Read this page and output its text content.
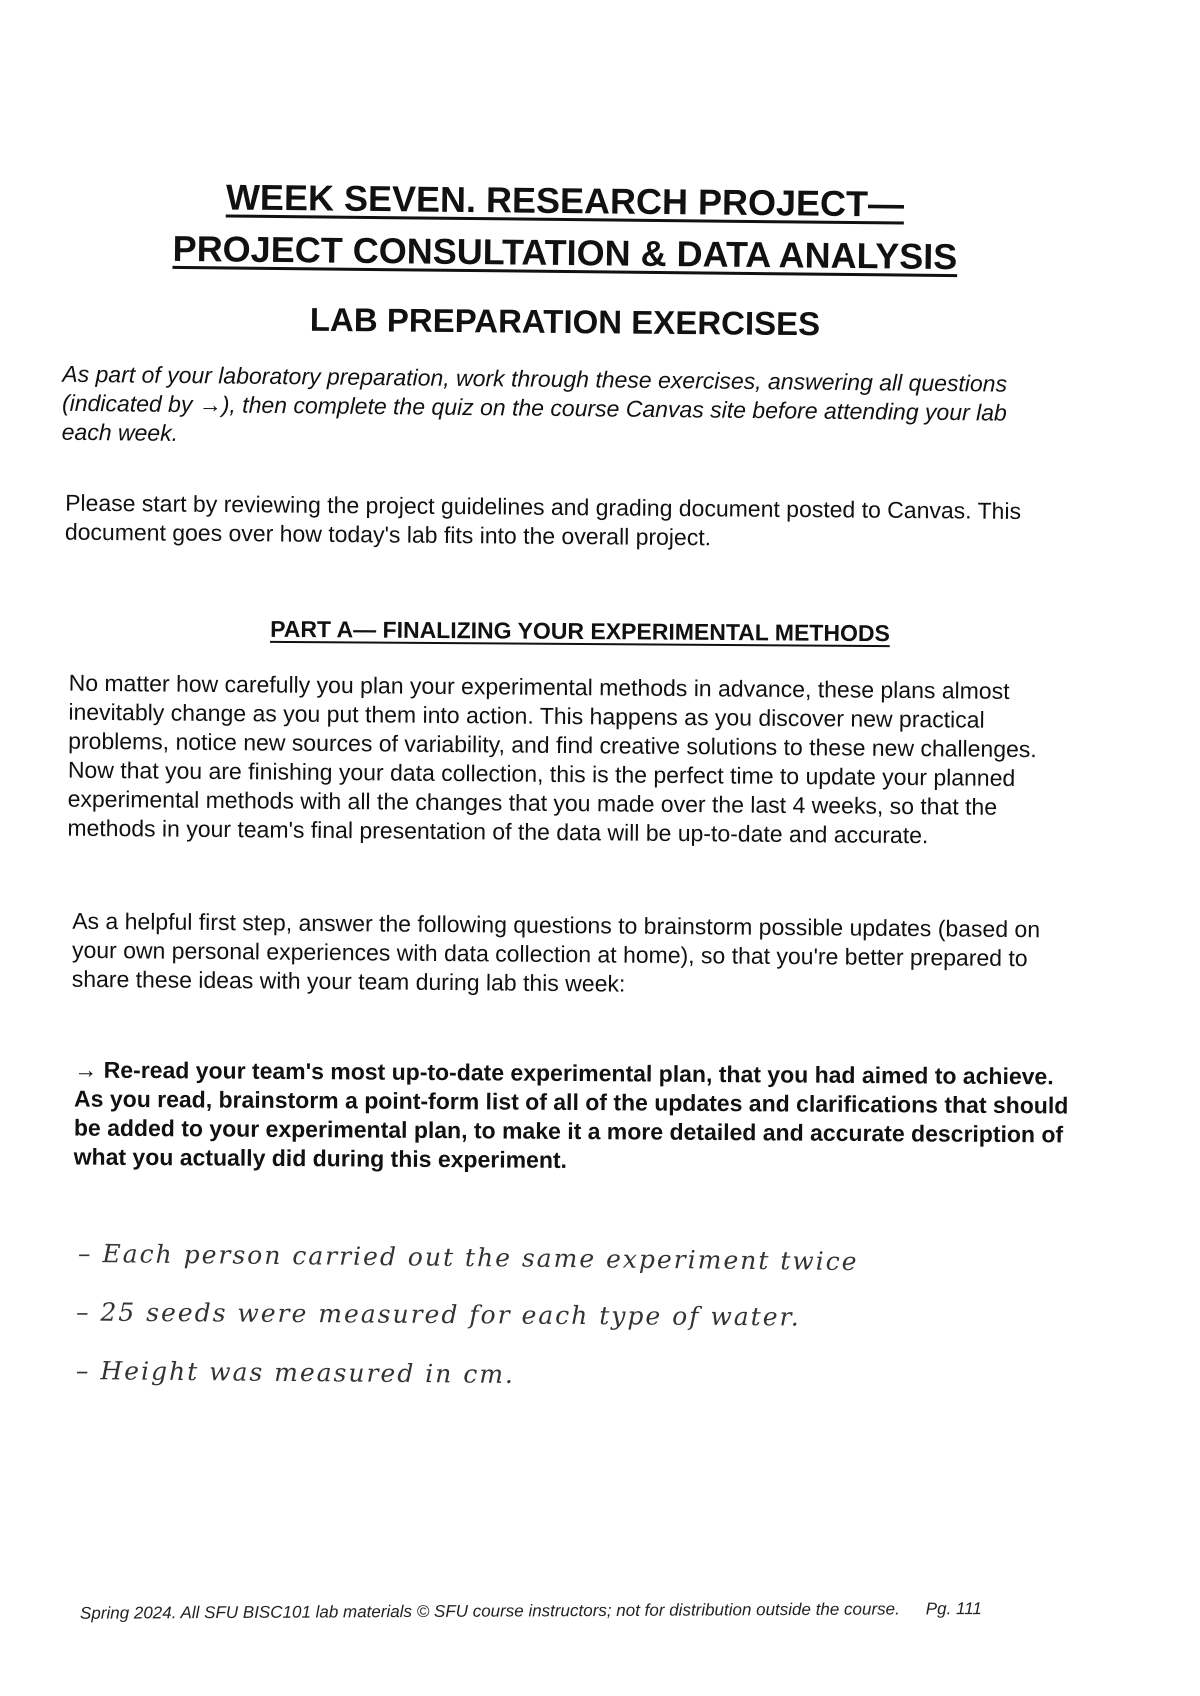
WEEK SEVEN. RESEARCH PROJECT—
PROJECT CONSULTATION & DATA ANALYSIS
LAB PREPARATION EXERCISES

As part of your laboratory preparation, work through these exercises, answering all questions (indicated by →), then complete the quiz on the course Canvas site before attending your lab each week.

Please start by reviewing the project guidelines and grading document posted to Canvas. This document goes over how today's lab fits into the overall project.

PART A— FINALIZING YOUR EXPERIMENTAL METHODS

No matter how carefully you plan your experimental methods in advance, these plans almost inevitably change as you put them into action. This happens as you discover new practical problems, notice new sources of variability, and find creative solutions to these new challenges. Now that you are finishing your data collection, this is the perfect time to update your planned experimental methods with all the changes that you made over the last 4 weeks, so that the methods in your team's final presentation of the data will be up-to-date and accurate.

As a helpful first step, answer the following questions to brainstorm possible updates (based on your own personal experiences with data collection at home), so that you're better prepared to share these ideas with your team during lab this week:

→ Re-read your team's most up-to-date experimental plan, that you had aimed to achieve. As you read, brainstorm a point-form list of all of the updates and clarifications that should be added to your experimental plan, to make it a more detailed and accurate description of what you actually did during this experiment.

– Each person carried out the same experiment twice

– 25 seeds were measured for each type of water.

– Height was measured in cm.

Spring 2024. All SFU BISC101 lab materials © SFU course instructors; not for distribution outside the course. Pg. 111
